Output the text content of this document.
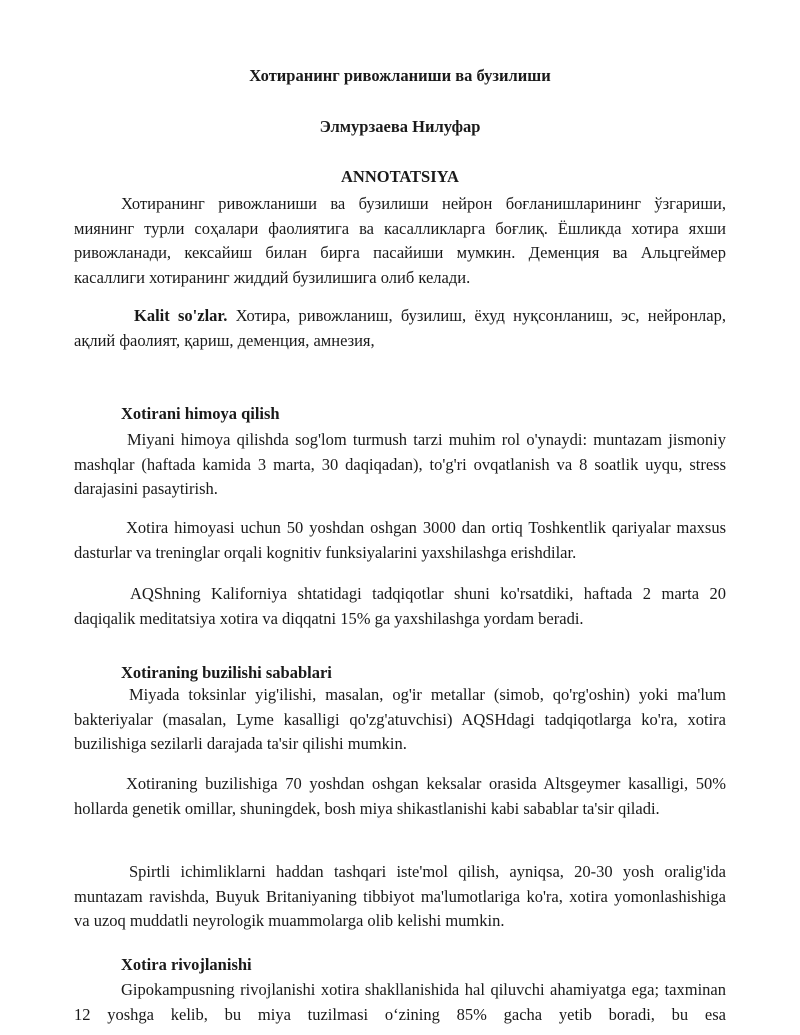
Хотиранинг ривожланиши ва бузилиши
Элмурзаева Нилуфар
ANNOTATSIYA

Хотиранинг ривожланиши ва бузилиши нейрон боғланишларининг ўзгариши, миянинг турли соҳалари фаолиятига ва касалликларга боғлиқ. Ёшликда хотира яхши ривожланади, кексайиш билан бирга пасайиши мумкин. Деменция ва Альцгеймер касаллиги хотиранинг жиддий бузилишига олиб келади.

Kalit so'zlar. Хотира, ривожланиш, бузилиш, ёхуд нуқсонланиш, эс, нейронлар, ақлий фаолият, қариш, деменция, амнезия,

Xotirani himoya qilish

Miyani himoya qilishda sog'lom turmush tarzi muhim rol o'ynaydi: muntazam jismoniy mashqlar (haftada kamida 3 marta, 30 daqiqadan), to'g'ri ovqatlanish va 8 soatlik uyqu, stress darajasini pasaytirish.

Xotira himoyasi uchun 50 yoshdan oshgan 3000 dan ortiq Toshkentlik qariyalar maxsus dasturlar va treninglar orqali kognitiv funksiyalarini yaxshilashga erishdilar.

AQShning Kaliforniya shtatidagi tadqiqotlar shuni ko'rsatdiki, haftada 2 marta 20 daqiqalik meditatsiya xotira va diqqatni 15% ga yaxshilashga yordam beradi.

Xotiraning buzilishi sabablari

Miyada toksinlar yig'ilishi, masalan, og'ir metallar (simob, qo'rg'oshin) yoki ma'lum bakteriyalar (masalan, Lyme kasalligi qo'zg'atuvchisi) AQSHdagi tadqiqotlarga ko'ra, xotira buzilishiga sezilarli darajada ta'sir qilishi mumkin.

Xotiraning buzilishiga 70 yoshdan oshgan keksalar orasida Altsgeymer kasalligi, 50% hollarda genetik omillar, shuningdek, bosh miya shikastlanishi kabi sabablar ta'sir qiladi.

Spirtli ichimliklarni haddan tashqari iste'mol qilish, ayniqsa, 20-30 yosh oralig'ida muntazam ravishda, Buyuk Britaniyaning tibbiyot ma'lumotlariga ko'ra, xotira yomonlashishiga va uzoq muddatli neyrologik muammolarga olib kelishi mumkin.

Xotira rivojlanishi

Gipokampusning rivojlanishi xotira shakllanishida hal qiluvchi ahamiyatga ega; taxminan 12 yoshga kelib, bu miya tuzilmasi oʻzining 85% gacha yetib boradi, bu esa
